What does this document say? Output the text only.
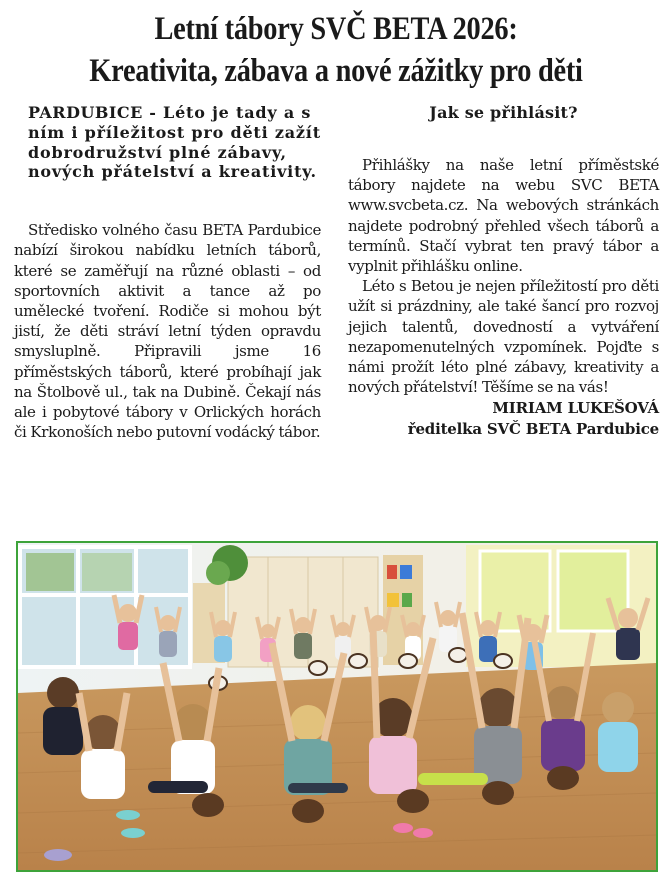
Letní tábory SVČ BETA 2026:
Kreativita, zábava a nové zážitky pro děti
PARDUBICE - Léto je tady a s ním i příležitost pro děti zažít dobrodružství plné zábavy, nových přátelství a kreativity.

Středisko volného času BETA Pardubice nabízí širokou nabídku letních táborů, které se zaměřují na různé oblasti – od sportovních aktivit a tance až po umělecké tvoření. Rodiče si mohou být jistí, že děti stráví letní týden opravdu smysluplně. Připravili jsme 16 příměstských táborů, které probíhají jak na Štolbově ul., tak na Dubině. Čekají nás ale i pobytové tábory v Orlických horách či Krkonoších nebo putovní vodácký tábor.

Jak se přihlásit?

Přihlášky na naše letní příměstské tábory najdete na webu SVC BETA www.svcbeta.cz. Na webových stránkách najdete podrobný přehled všech táborů a termínů. Stačí vybrat ten pravý tábor a vyplnit přihlášku online.

Léto s Betou je nejen příležitostí pro děti užít si prázdniny, ale také šancí pro rozvoj jejich talentů, dovedností a vytváření nezapomenutelných vzpomínek. Pojďte s námi prožít léto plné zábavy, kreativity a nových přátelství! Těšíme se na vás!

MIRIAM LUKEŠOVÁ
ředitelka SVČ BETA Pardubice
